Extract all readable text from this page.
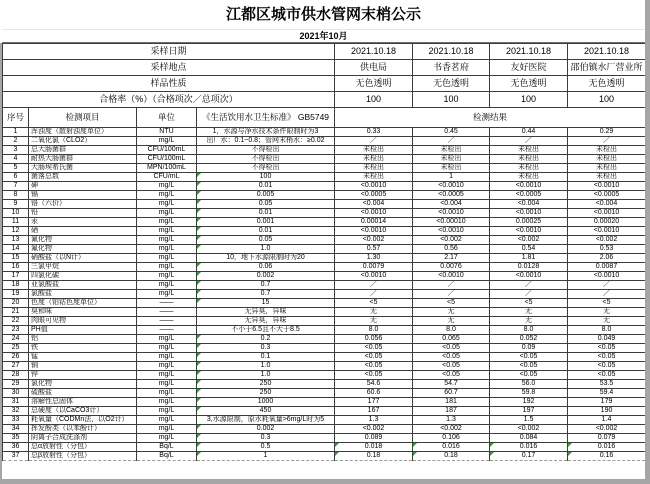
江都区城市供水管网末梢公示
2021年10月
采样日期				2021.10.18	2021.10.18	2021.10.18	2021.10.18
采样地点				供电局	书香茗府	友好医院	邵伯镇水厂营业所
样品性质				无色透明	无色透明	无色透明	无色透明
合格率（%）（合格项次／总项次）				100	100	100	100
序号	检测项目	单位	《生活饮用水卫生标准》 GB5749	检测结果			
1	浑浊度（散射浊度单位）	NTU	1，水源与净水技术条件限制时为3	0.33	0.45	0.44	0.29
2	二氧化氯（CLO2）	mg/L	出厂水：0.1~0.8；管网末梢水：≥0.02	／	／	／	／
3	总大肠菌群	CFU/100mL	不得检出	未检出	未检出	未检出	未检出
4	耐热大肠菌群	CFU/100mL	不得检出	未检出	未检出	未检出	未检出
5	大肠埃希氏菌	MPN/100mL	不得检出	未检出	未检出	未检出	未检出
6	菌落总数	CFU/mL	100	未检出	1	未检出	未检出
7	砷	mg/L	0.01	<0.0010	<0.0010	<0.0010	<0.0010
8	镉	mg/L	0.005	<0.0005	<0.0005	<0.0005	<0.0005
9	铬（六价）	mg/L	0.05	<0.004	<0.004	<0.004	<0.004
10	铅	mg/L	0.01	<0.0010	<0.0010	<0.0010	<0.0010
11	汞	mg/L	0.001	0.00014	<0.00010	0.00025	0.00020
12	硒	mg/L	0.01	<0.0010	<0.0010	<0.0010	<0.0010
13	氰化物	mg/L	0.05	<0.002	<0.002	<0.002	<0.002
14	氟化物	mg/L	1.0	0.57	0.56	0.54	0.53
15	硝酸盐（以N计）	mg/L	10，地下水源限制时为20	1.30	2.17	1.81	2.06
16	三氯甲烷	mg/L	0.06	0.0079	0.0076	0.0128	0.0087
17	四氯化碳	mg/L	0.002	<0.0010	<0.0010	<0.0010	<0.0010
18	亚氯酸盐	mg/L	0.7	／	／	／	／
19	氯酸盐	mg/L	0.7	／	／	／	／
20	色度（铂钴色度单位）	——	15	<5	<5	<5	<5
21	臭和味	——	无异臭，异味	无	无	无	无
22	肉眼可见物	——	无异臭，异味	无	无	无	无
23	PH值	——	不小于6.5且不大于8.5	8.0	8.0	8.0	8.0
24	铝	mg/L	0.2	0.056	0.065	0.052	0.049
25	铁	mg/L	0.3	<0.05	<0.05	0.09	<0.05
26	锰	mg/L	0.1	<0.05	<0.05	<0.05	<0.05
27	铜	mg/L	1.0	<0.05	<0.05	<0.05	<0.05
28	锌	mg/L	1.0	<0.05	<0.05	<0.05	<0.05
29	氯化物	mg/L	250	54.6	54.7	56.0	53.5
30	硫酸盐	mg/L	250	60.6	60.7	59.8	59.4
31	溶解性总固体	mg/L	1000	177	181	192	179
32	总硬度（以CaCO3计）	mg/L	450	167	187	197	190
33	耗氧量（CODMn法，以O2计）	mg/L	3,水源限制，原水耗氧量>6mg/L时为5	1.3	1.3	1.5	1.4
34	挥发酚类（以苯酚计）	mg/L	0.002	<0.002	<0.002	<0.002	<0.002
35	阴离子合成洗涤剂	mg/L	0.3	0.089	0.106	0.084	0.079
36	总α放射性（分包）	Bq/L	0.5	0.018	0.016	0.016	0.016

37	总β放射性（分包）	Bq/L	1	0.18	0.18	0.17	0.16
